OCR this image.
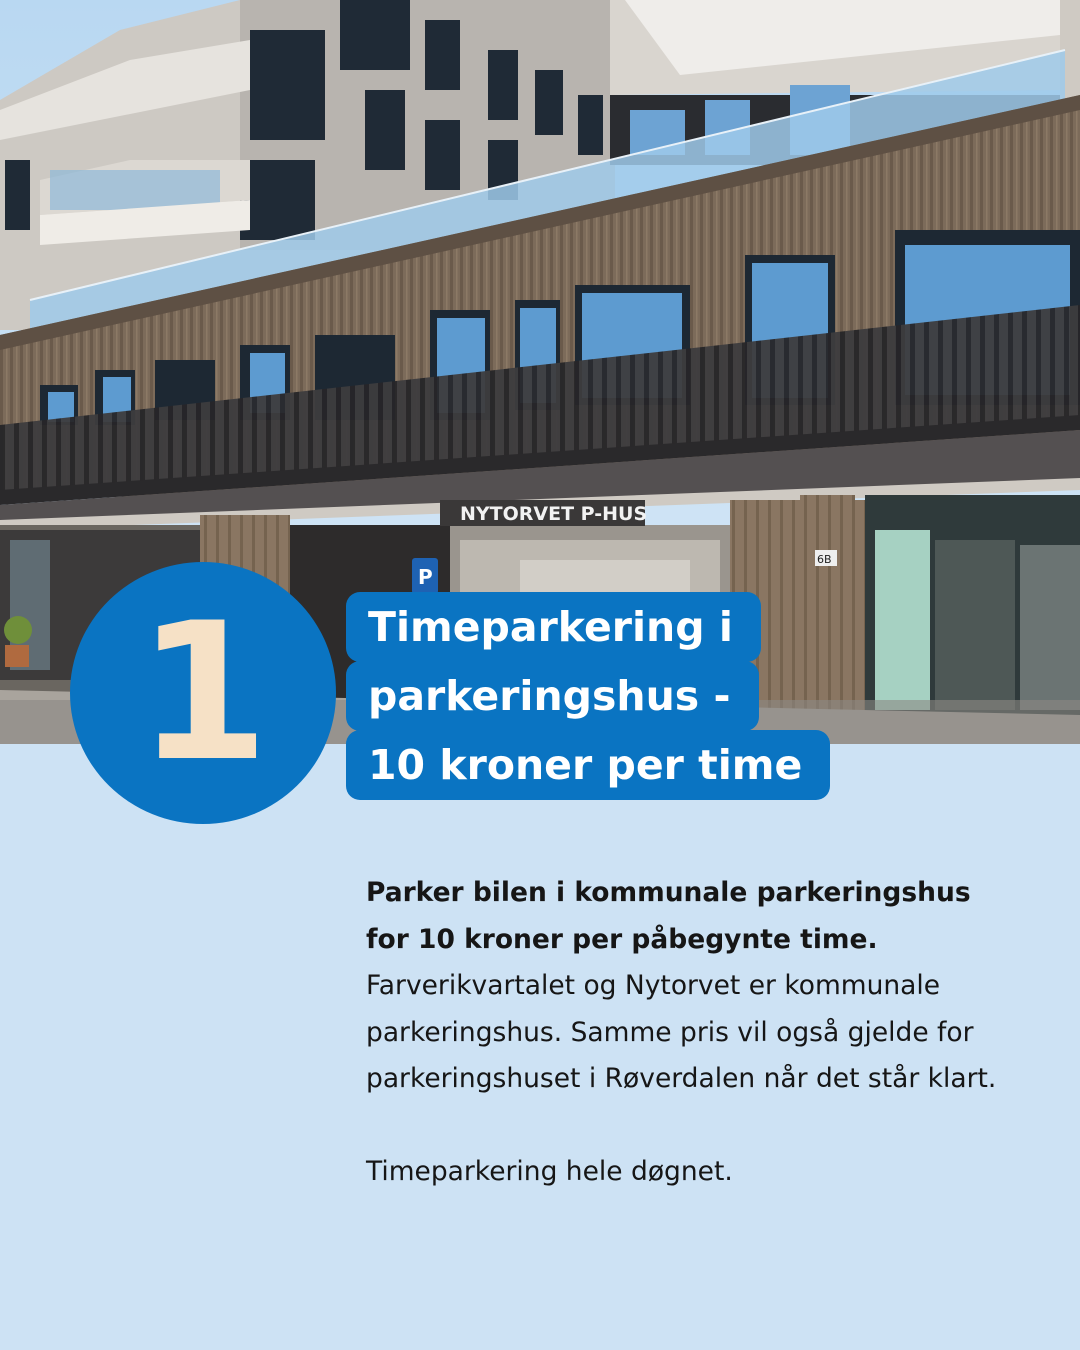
NYTORVET P-HUS
P
6B
1	Timeparkering i
parkeringshus -
10 kroner per time
Parker bilen i kommunale parkeringshus for 10 kroner per påbegynte time. Farverikvartalet og Nytorvet er kommunale parkeringshus. Samme pris vil også gjelde for parkeringshuset i Røverdalen når det står klart.
Timeparkering hele døgnet.
